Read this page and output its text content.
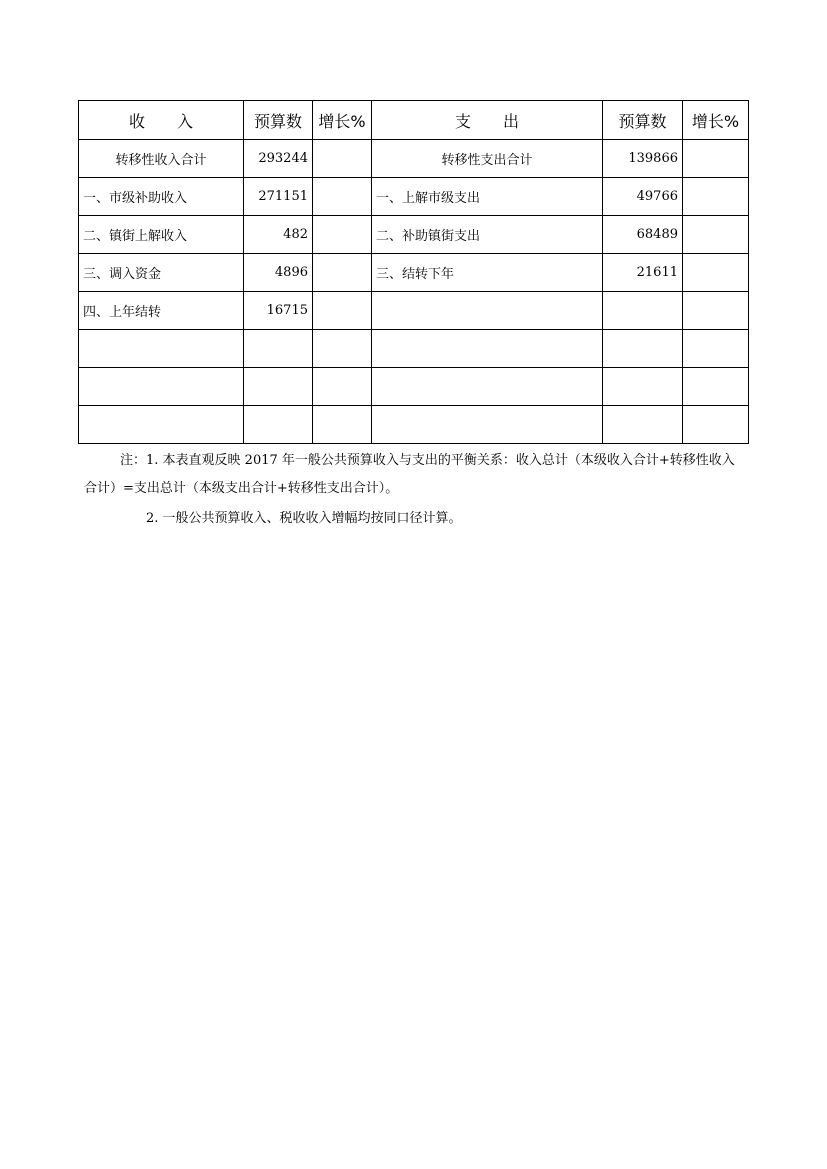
收　　入	预算数	增长%	支　　出	预算数	增长%
转移性收入合计	293244		转移性支出合计	139866	
一、市级补助收入	271151		一、上解市级支出	49766	
二、镇街上解收入	482		二、补助镇街支出	68489	
三、调入资金	4896		三、结转下年	21611	
四、上年结转	16715				

注：1. 本表直观反映 2017 年一般公共预算收入与支出的平衡关系：收入总计（本级收入合计+转移性收入合计）=支出总计（本级支出合计+转移性支出合计）。
2. 一般公共预算收入、税收收入增幅均按同口径计算。
